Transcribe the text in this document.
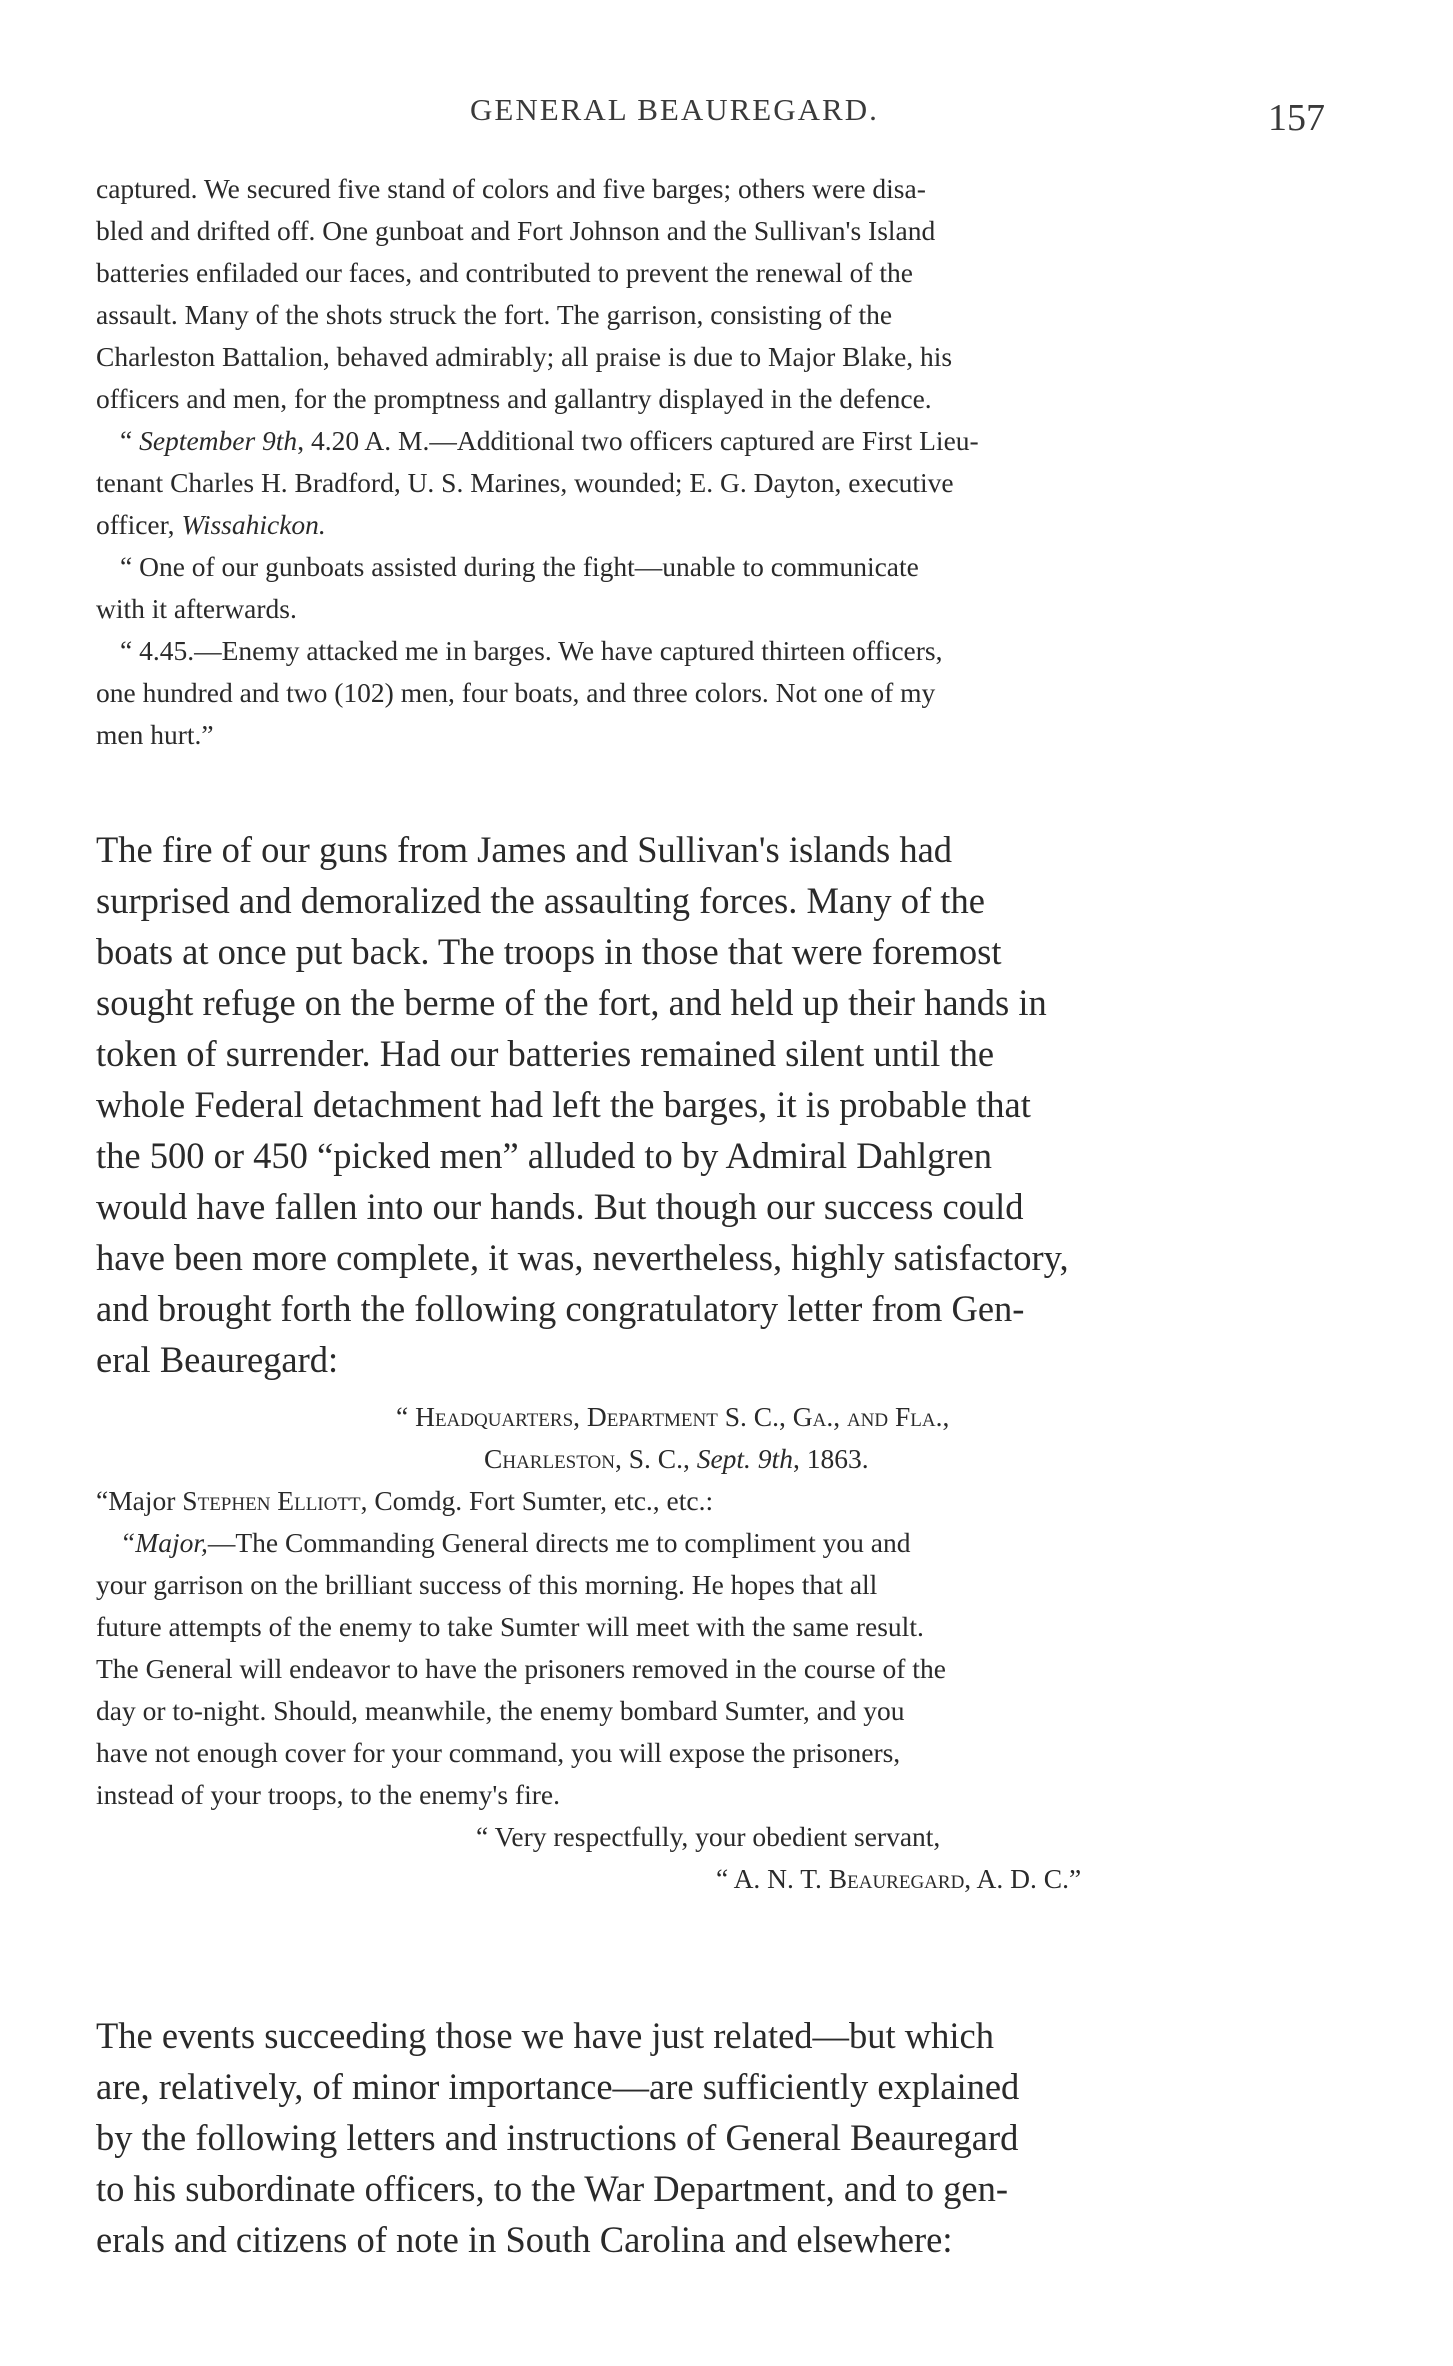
GENERAL BEAUREGARD.	157

captured. We secured five stand of colors and five barges; others were disa-

bled and drifted off. One gunboat and Fort Johnson and the Sullivan's Island

batteries enfiladed our faces, and contributed to prevent the renewal of the

assault. Many of the shots struck the fort. The garrison, consisting of the

Charleston Battalion, behaved admirably; all praise is due to Major Blake, his

officers and men, for the promptness and gallantry displayed in the defence.

“ September 9th, 4.20 A. M.—Additional two officers captured are First Lieu-

tenant Charles H. Bradford, U. S. Marines, wounded; E. G. Dayton, executive

officer, Wissahickon.

“ One of our gunboats assisted during the fight—unable to communicate

with it afterwards.

“ 4.45.—Enemy attacked me in barges. We have captured thirteen officers,

one hundred and two (102) men, four boats, and three colors. Not one of my

men hurt.”

The fire of our guns from James and Sullivan's islands had

surprised and demoralized the assaulting forces. Many of the

boats at once put back. The troops in those that were foremost

sought refuge on the berme of the fort, and held up their hands in

token of surrender. Had our batteries remained silent until the

whole Federal detachment had left the barges, it is probable that

the 500 or 450 “picked men” alluded to by Admiral Dahlgren

would have fallen into our hands. But though our success could

have been more complete, it was, nevertheless, highly satisfactory,

and brought forth the following congratulatory letter from Gen-

eral Beauregard:

“ Headquarters, Department S. C., Ga., and Fla.,

Charleston, S. C., Sept. 9th, 1863.

“Major Stephen Elliott, Comdg. Fort Sumter, etc., etc.:

“Major,—The Commanding General directs me to compliment you and

your garrison on the brilliant success of this morning. He hopes that all

future attempts of the enemy to take Sumter will meet with the same result.

The General will endeavor to have the prisoners removed in the course of the

day or to-night. Should, meanwhile, the enemy bombard Sumter, and you

have not enough cover for your command, you will expose the prisoners,

instead of your troops, to the enemy's fire.

“ Very respectfully, your obedient servant,

“ A. N. T. Beauregard, A. D. C.”

The events succeeding those we have just related—but which

are, relatively, of minor importance—are sufficiently explained

by the following letters and instructions of General Beauregard

to his subordinate officers, to the War Department, and to gen-

erals and citizens of note in South Carolina and elsewhere:
